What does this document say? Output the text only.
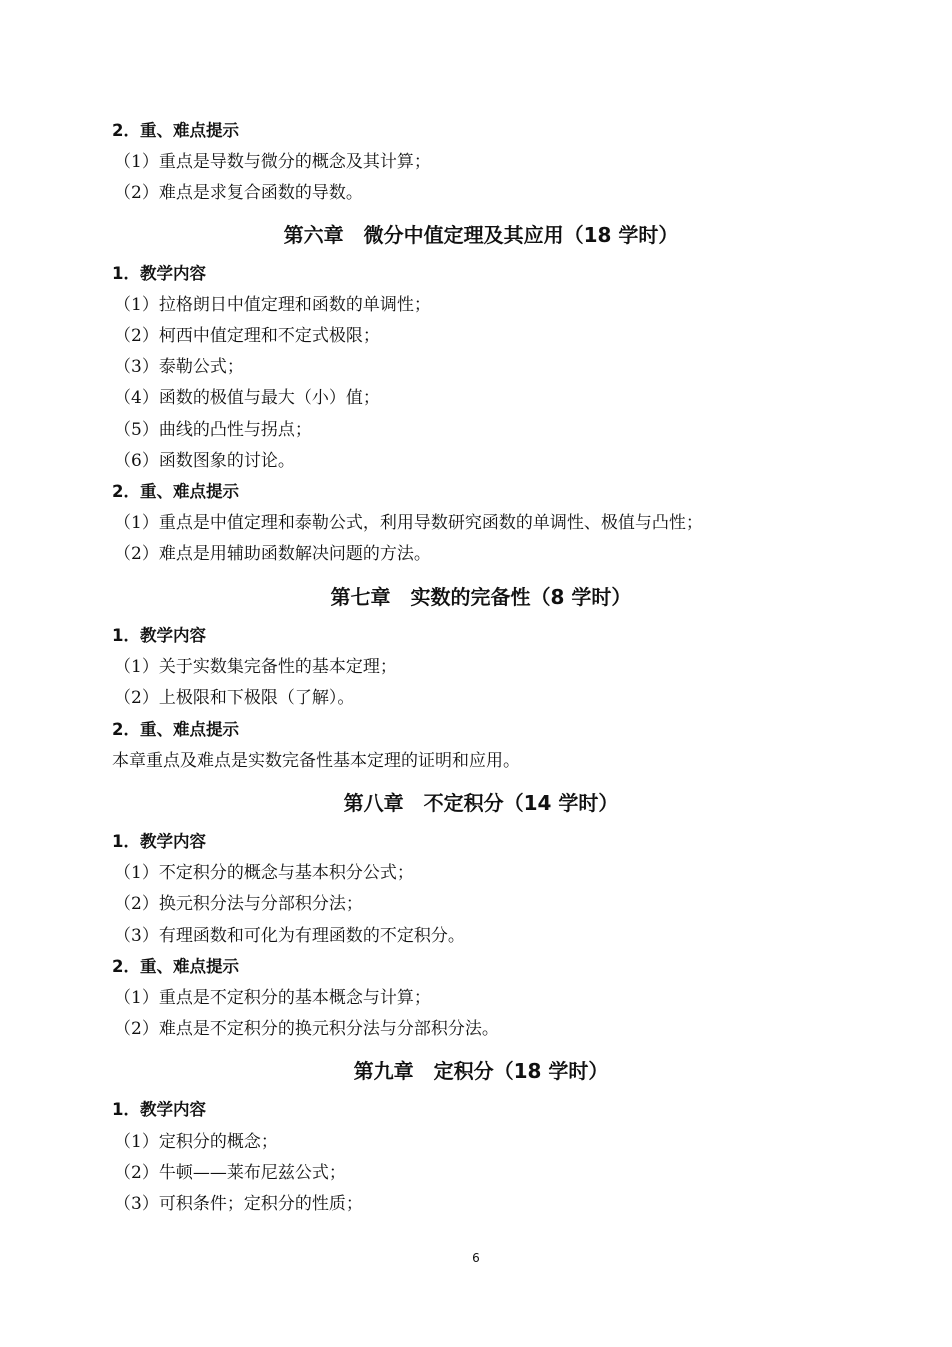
2．重、难点提示
（1）重点是导数与微分的概念及其计算；
（2）难点是求复合函数的导数。
第六章　微分中值定理及其应用（18 学时）
1．教学内容
（1）拉格朗日中值定理和函数的单调性；
（2）柯西中值定理和不定式极限；
（3）泰勒公式；
（4）函数的极值与最大（小）值；
（5）曲线的凸性与拐点；
（6）函数图象的讨论。
2．重、难点提示
（1）重点是中值定理和泰勒公式，利用导数研究函数的单调性、极值与凸性；
（2）难点是用辅助函数解决问题的方法。
第七章　实数的完备性（8 学时）
1．教学内容
（1）关于实数集完备性的基本定理；
（2）上极限和下极限（了解）。
2．重、难点提示
本章重点及难点是实数完备性基本定理的证明和应用。
第八章　不定积分（14 学时）
1．教学内容
（1）不定积分的概念与基本积分公式；
（2）换元积分法与分部积分法；
（3）有理函数和可化为有理函数的不定积分。
2．重、难点提示
（1）重点是不定积分的基本概念与计算；
（2）难点是不定积分的换元积分法与分部积分法。
第九章　定积分（18 学时）
1．教学内容
（1）定积分的概念；
（2）牛顿——莱布尼兹公式；
（3）可积条件；定积分的性质；
6
